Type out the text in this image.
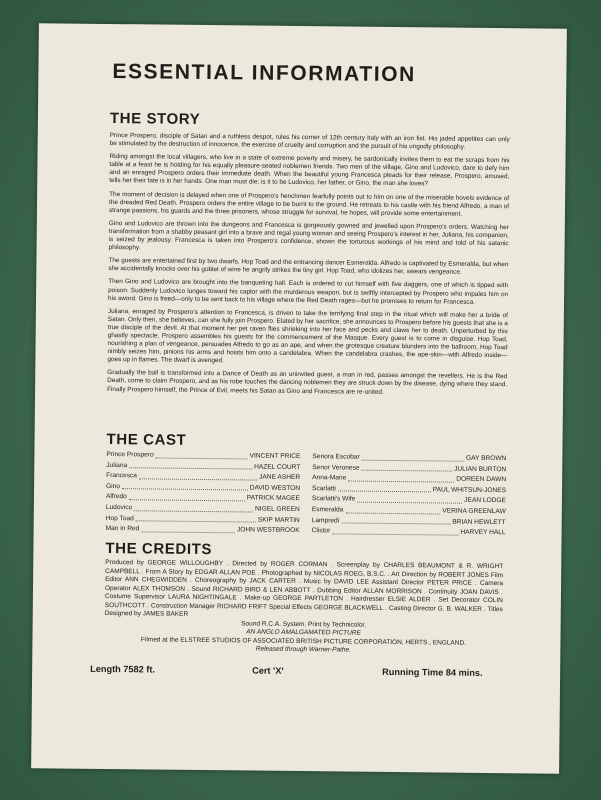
ESSENTIAL INFORMATION
THE STORY

Prince Prospero, disciple of Satan and a ruthless despot, rules his corner of 12th century Italy with an iron fist. His jaded appetites can only be stimulated by the destruction of innocence, the exercise of cruelty and corruption and the pursuit of his ungodly philosophy.

Riding amongst the local villagers, who live in a state of extreme poverty and misery, he sardonically invites them to eat the scraps from his table at a feast he is holding for his equally pleasure-seated noblemen friends. Two men of the village, Gino and Ludovico, dare to defy him and an enraged Prospero orders their immediate death. When the beautiful young Francesca pleads for their release, Prospero, amused, tells her their fate is in her hands. One man must die; is it to be Ludovico, her father, or Gino, the man she loves?

The moment of decision is delayed when one of Prospero's henchmen fearfully points out to him on one of the miserable hovels evidence of the dreaded Red Death. Prospero orders the entire village to be burnt to the ground. He retreats to his castle with his friend Alfredo, a man of strange passions, his guards and the three prisoners, whose struggle for survival, he hopes, will provide some entertainment.

Gino and Ludovico are thrown into the dungeons and Francesca is gorgeously gowned and jewelled upon Prospero's orders. Watching her transformation from a shabby peasant girl into a brave and regal young woman and seeing Prospero's interest in her, Juliana, his companion, is seized by jealousy. Francesca is taken into Prospero's confidence, shown the torturous workings of his mind and told of his satanic philosophy.

The guests are entertained first by two dwarfs, Hop Toad and the entrancing dancer Esmeralda. Alfredo is captivated by Esmeralda, but when she accidentally knocks over his goblet of wine he angrily strikes the tiny girl. Hop Toad, who idolizes her, swears vengeance.

Then Gino and Ludovico are brought into the banqueting hall. Each is ordered to cut himself with five daggers, one of which is tipped with poison. Suddenly Ludovico lunges toward his captor with the murderous weapon, but is swiftly intercepted by Prospero who impales him on his sword. Gino is freed—only to be sent back to his village where the Red Death rages—but he promises to return for Francesca.

Juliana, enraged by Prospero's attention to Francesca, is driven to take the terrifying final step in the ritual which will make her a bride of Satan. Only then, she believes, can she fully join Prospero. Elated by her sacrifice, she announces to Prospero before his guests that she is a true disciple of the devil. At that moment her pet raven flies shrieking into her face and pecks and claws her to death. Unperturbed by this ghastly spectacle, Prospero assembles his guests for the commencement of the Masque. Every guest is to come in disguise. Hop Toad, nourishing a plan of vengeance, persuades Alfredo to go as an ape, and when the grotesque creature blunders into the ballroom, Hop Toad nimbly seizes him, pinions his arms and hoists him onto a candelabra. When the candelabra crashes, the ape-skin—with Alfredo inside—goes up in flames. The dwarf is avenged.

Gradually the ball is transformed into a Dance of Death as an uninvited guest, a man in red, passes amongst the revellers. He is the Red Death, come to claim Prospero, and as his robe touches the dancing noblemen they are struck down by the disease, dying where they stand. Finally Prospero himself, the Prince of Evil, meets his Satan as Gino and Francesca are re-united.

THE CAST
Prince Prospero	VINCENT PRICE
Juliana	HAZEL COURT
Francesca	JANE ASHER
Gino	DAVID WESTON
Alfredo	PATRICK MAGEE
Ludovico	NIGEL GREEN
Hop Toad	SKIP MARTIN
Man in Red	JOHN WESTBROOK
Senora Escobar	GAY BROWN
Senor Veronese	JULIAN BURTON
Anna-Marie	DOREEN DAWN
Scarlatti	PAUL WHITSUN-JONES
Scarlatti's Wife	JEAN LODGE
Esmeralda	VERINA GREENLAW
Lampredi	BRIAN HEWLETT
Clistor	HARVEY HALL
THE CREDITS
Produced by GEORGE WILLOUGHBY . Directed by ROGER CORMAN . Screenplay by CHARLES BEAUMONT & R. WRIGHT CAMPBELL . From A Story by EDGAR ALLAN POE . Photographed by NICOLAS ROEG, B.S.C. . Art Direction by ROBERT JONES Film Editor ANN CHEGWIDDEN . Choreography by JACK CARTER . Music by DAVID LEE Assistant Director PETER PRICE . Camera Operator ALEX THOMSON . Sound RICHARD BIRD & LEN ABBOTT . Dubbing Editor ALLAN MORRISON . Continuity JOAN DAVIS . Costume Supervisor LAURA NIGHTINGALE . Make-up GEORGE PARTLETON . Hairdresser ELSIE ALDER . Set Decorator COLIN SOUTHCOTT . Construction Manager RICHARD FRIFT Special Effects GEORGE BLACKWELL . Casting Director G. B. WALKER . Titles Designed by JAMES BAKER
Sound R.C.A. System. Print by Technicolor.
AN ANGLO AMALGAMATED PICTURE
Filmed at the ELSTREE STUDIOS OF ASSOCIATED BRITISH PICTURE CORPORATION, HERTS., ENGLAND.
Released through Warner-Pathe.
Length 7582 ft.	Cert 'X'	Running Time 84 mins.
